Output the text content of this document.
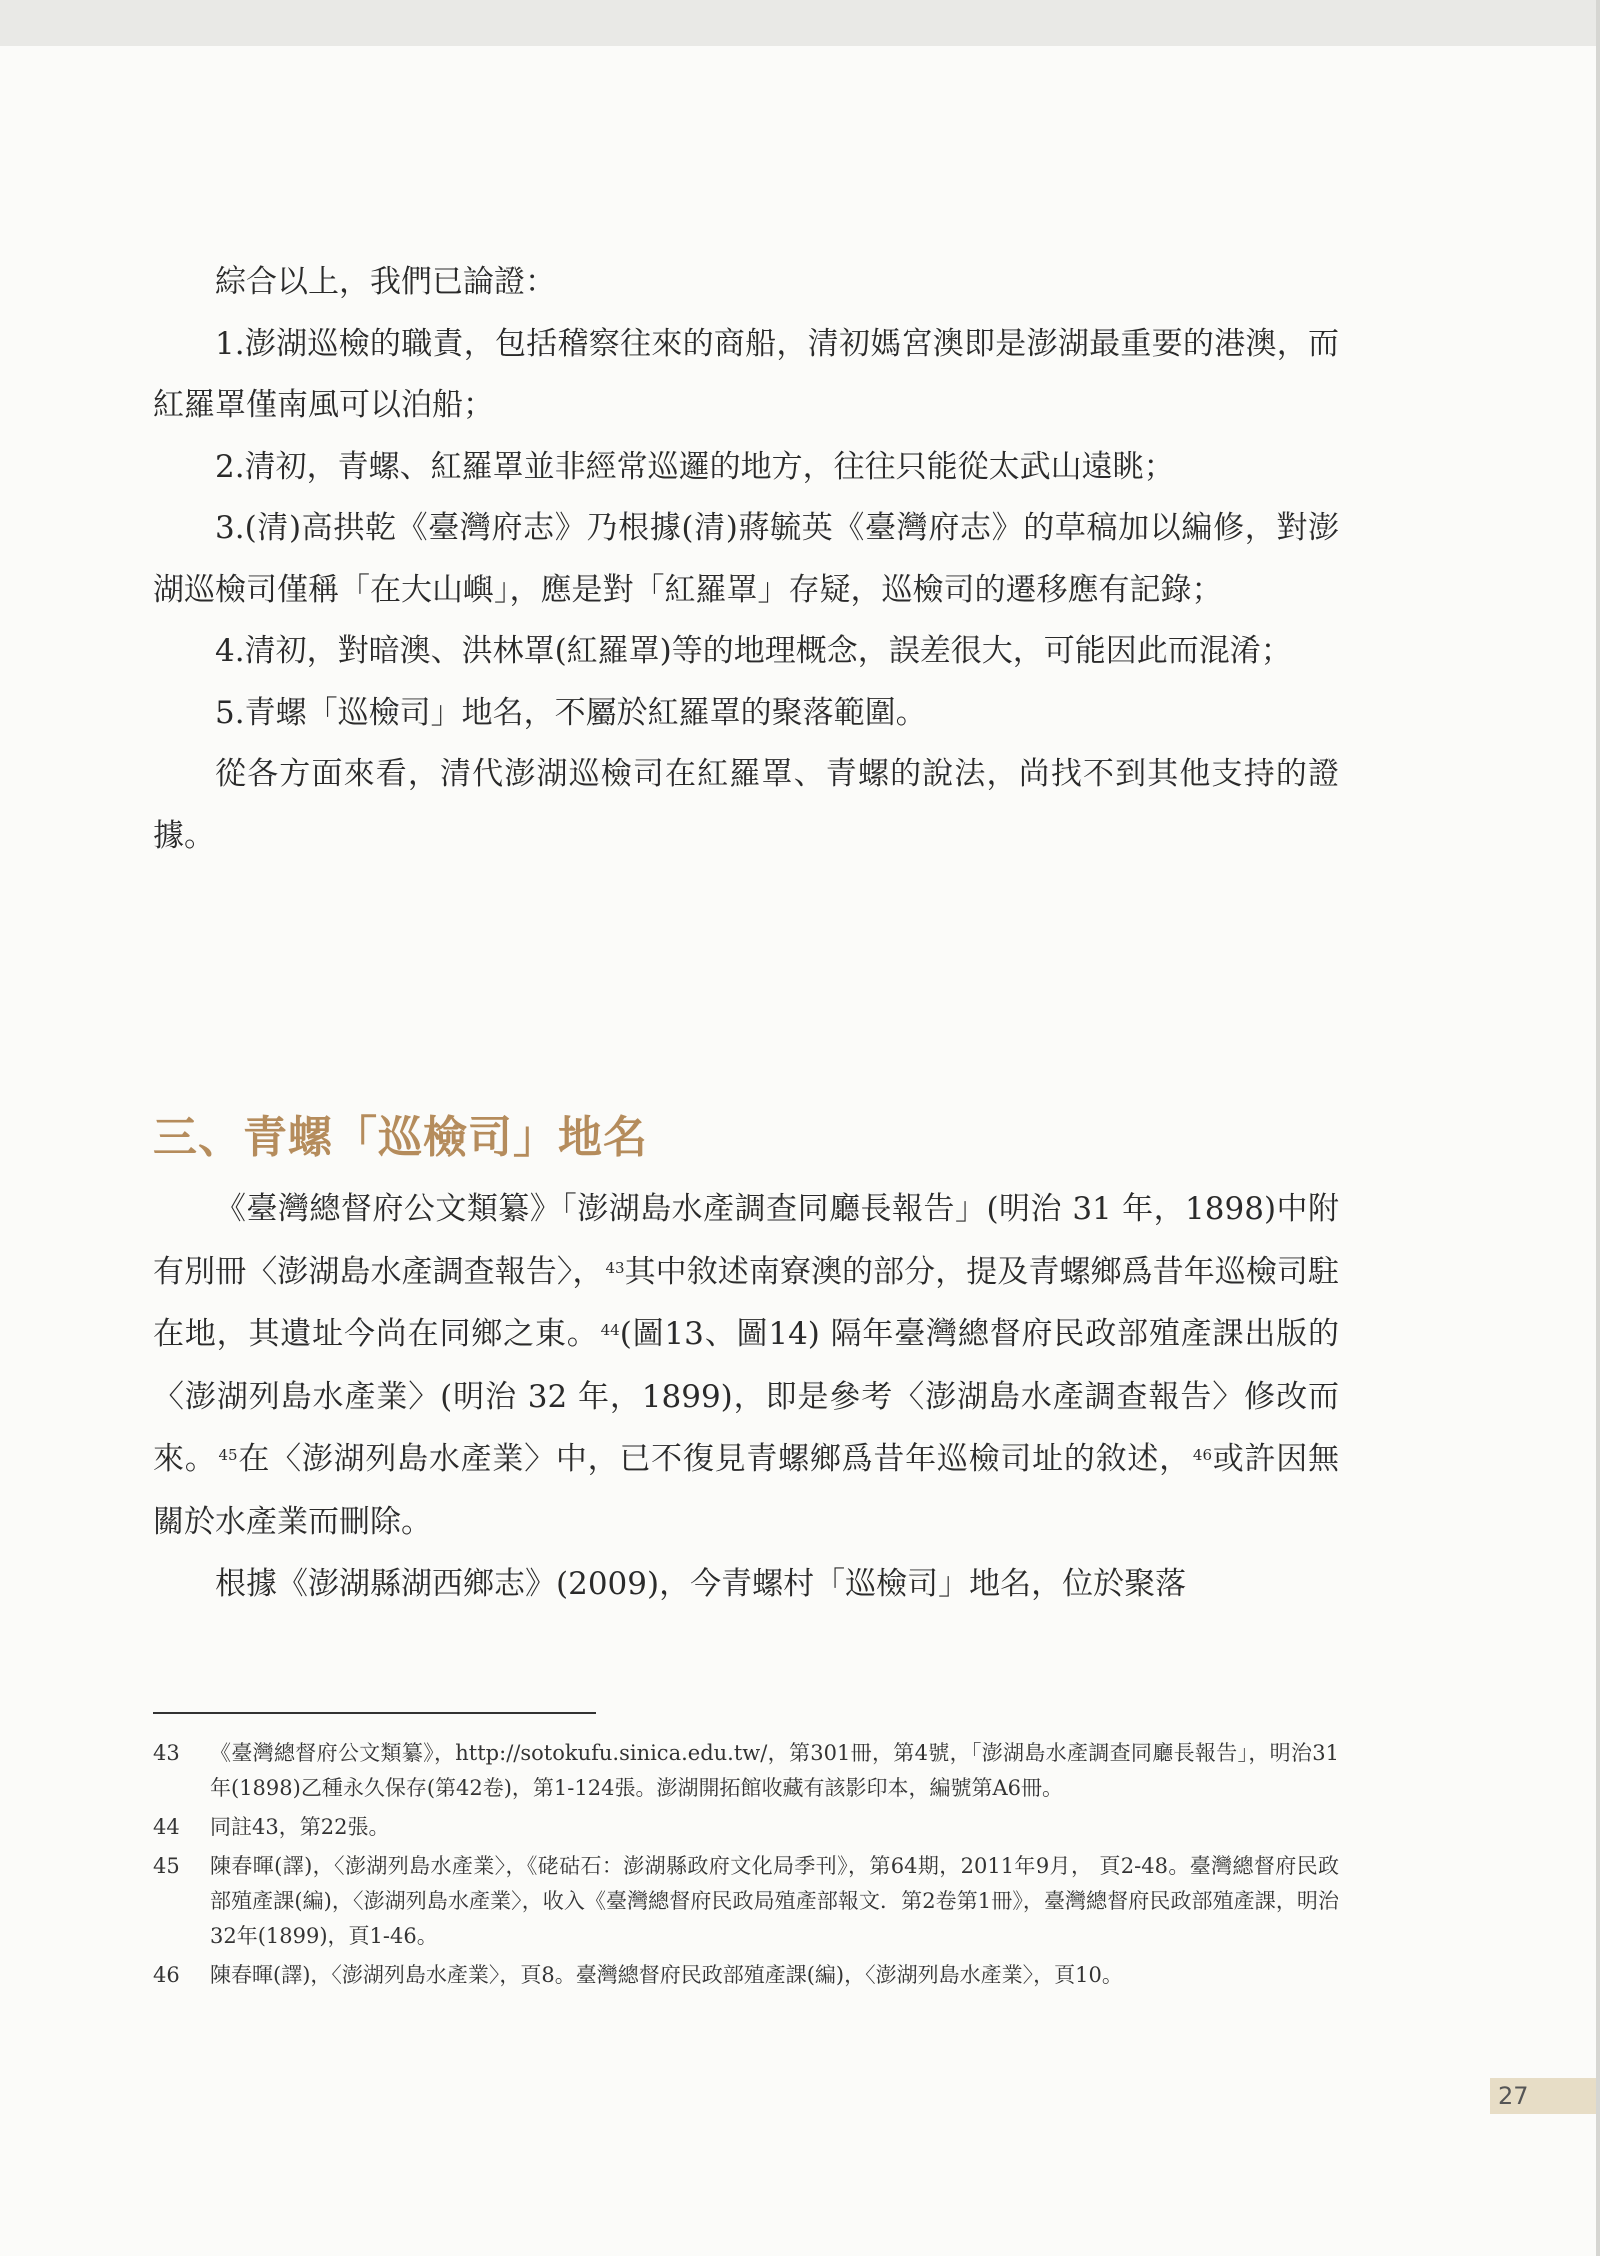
綜合以上，我們已論證：

1.澎湖巡檢的職責，包括稽察往來的商船，清初媽宮澳即是澎湖最重要的港澳，而紅羅罩僅南風可以泊船；

2.清初，青螺、紅羅罩並非經常巡邏的地方，往往只能從太武山遠眺；

3.(清)高拱乾《臺灣府志》乃根據(清)蔣毓英《臺灣府志》的草稿加以編修，對澎湖巡檢司僅稱「在大山嶼」，應是對「紅羅罩」存疑，巡檢司的遷移應有記錄；

4.清初，對暗澳、洪林罩(紅羅罩)等的地理概念，誤差很大，可能因此而混淆；

5.青螺「巡檢司」地名，不屬於紅羅罩的聚落範圍。

從各方面來看，清代澎湖巡檢司在紅羅罩、青螺的說法，尚找不到其他支持的證據。

三、青螺「巡檢司」地名

《臺灣總督府公文類纂》「澎湖島水產調查同廳長報告」(明治 31 年，1898)中附有別冊〈澎湖島水產調查報告〉， $^{43}$其中敘述南寮澳的部分，提及青螺鄉爲昔年巡檢司駐在地，其遺址今尚在同鄉之東。 $^{44}$(圖13、圖14) 隔年臺灣總督府民政部殖產課出版的〈澎湖列島水產業〉(明治 32 年，1899)，即是參考〈澎湖島水產調查報告〉修改而來。 $^{45}$在〈澎湖列島水產業〉中，已不復見青螺鄉爲昔年巡檢司址的敘述， $^{46}$或許因無關於水產業而刪除。

根據《澎湖縣湖西鄉志》(2009)，今青螺村「巡檢司」地名，位於聚落

43	《臺灣總督府公文類纂》，http://sotokufu.sinica.edu.tw/，第301冊，第4號，「澎湖島水產調查同廳長報告」，明治31年(1898)乙種永久保存(第42卷)，第1-124張。澎湖開拓館收藏有該影印本，編號第A6冊。
44	同註43，第22張。
45	陳春暉(譯)，〈澎湖列島水產業〉，《硓𥑮石：澎湖縣政府文化局季刊》，第64期，2011年9月， 頁2-48。臺灣總督府民政部殖產課(編)，〈澎湖列島水產業〉，收入《臺灣總督府民政局殖產部報文．第2卷第1冊》，臺灣總督府民政部殖產課，明治32年(1899)，頁1-46。
46	陳春暉(譯)，〈澎湖列島水產業〉，頁8。臺灣總督府民政部殖產課(編)，〈澎湖列島水產業〉，頁10。
27
